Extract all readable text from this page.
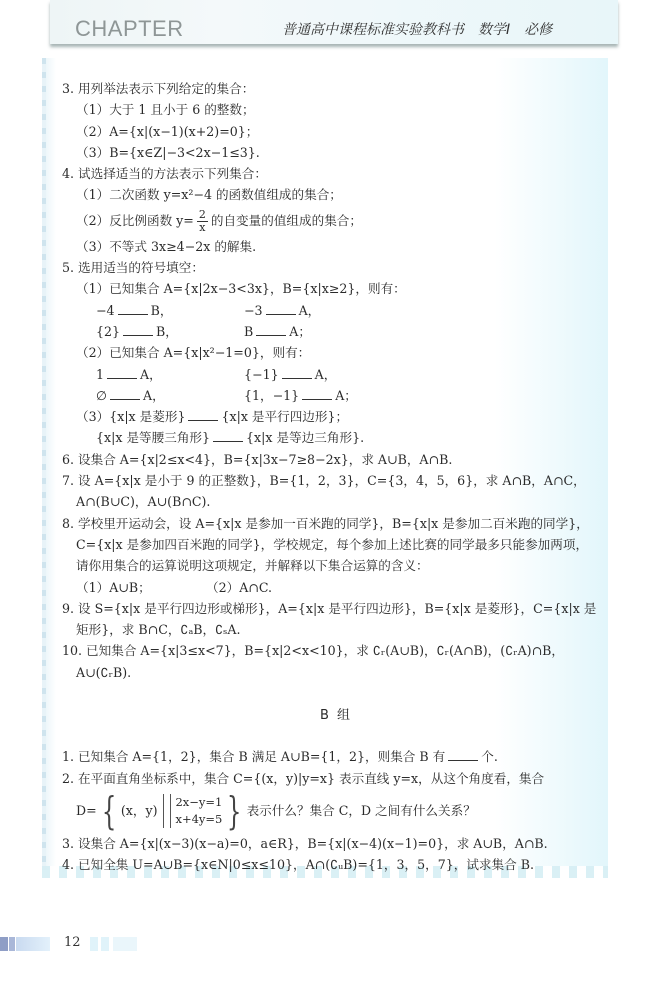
CHAPTER	普通高中课程标准实验教科书 数学Ⅰ 必修
3. 用列举法表示下列给定的集合：
（1）大于 1 且小于 6 的整数；
（2）A={x|(x−1)(x+2)=0}；
（3）B={x∈Z|−3<2x−1≤3}.
4. 试选择适当的方法表示下列集合：
（1）二次函数 y=x²−4 的函数值组成的集合；
（2）反比例函数 $y= \frac{2}{x}$ 的自变量的值组成的集合；
（3）不等式 3x≥4−2x 的解集.
5. 选用适当的符号填空：
（1）已知集合 A={x|2x−3<3x}，B={x|x≥2}，则有：
−4	B，	−3	A，
{2}	B，	B	A；
（2）已知集合 A={x|x²−1=0}，则有：
1	A，	{−1}	A，
∅	A，	{1，−1}	A；
（3）{x|x 是菱形}	{x|x 是平行四边形}；
{x|x 是等腰三角形}	{x|x 是等边三角形}.
6. 设集合 A={x|2≤x<4}，B={x|3x−7≥8−2x}，求 A∪B，A∩B.
7. 设 A={x|x 是小于 9 的正整数}，B={1，2，3}，C={3，4，5，6}，求 A∩B，A∩C，
A∩(B∪C)，A∪(B∩C).
8. 学校里开运动会，设 A={x|x 是参加一百米跑的同学}，B={x|x 是参加二百米跑的同学}，
C={x|x 是参加四百米跑的同学}，学校规定，每个参加上述比赛的同学最多只能参加两项，
请你用集合的运算说明这项规定，并解释以下集合运算的含义：
（1）A∪B；	（2）A∩C.
9. 设 S={x|x 是平行四边形或梯形}，A={x|x 是平行四边形}，B={x|x 是菱形}，C={x|x 是
矩形}，求 B∩C，∁ₐB，∁ₛA.
10. 已知集合 A={x|3≤x<7}，B={x|2<x<10}，求 ∁ᵣ(A∪B)，∁ᵣ(A∩B)，(∁ᵣA)∩B，
A∪(∁ᵣB).
B 组
1. 已知集合 A={1，2}，集合 B 满足 A∪B={1，2}，则集合 B 有	个.
2. 在平面直角坐标系中，集合 C={(x，y)|y=x} 表示直线 y=x，从这个角度看，集合
D= { (x，y)
2x−y=1
x+4y=5 } 表示什么？集合 C，D 之间有什么关系？
3. 设集合 A={x|(x−3)(x−a)=0，a∈R}，B={x|(x−4)(x−1)=0}，求 A∪B，A∩B.
4. 已知全集 U=A∪B={x∈N|0≤x≤10}，A∩(∁ᵤB)={1，3，5，7}，试求集合 B.
12
